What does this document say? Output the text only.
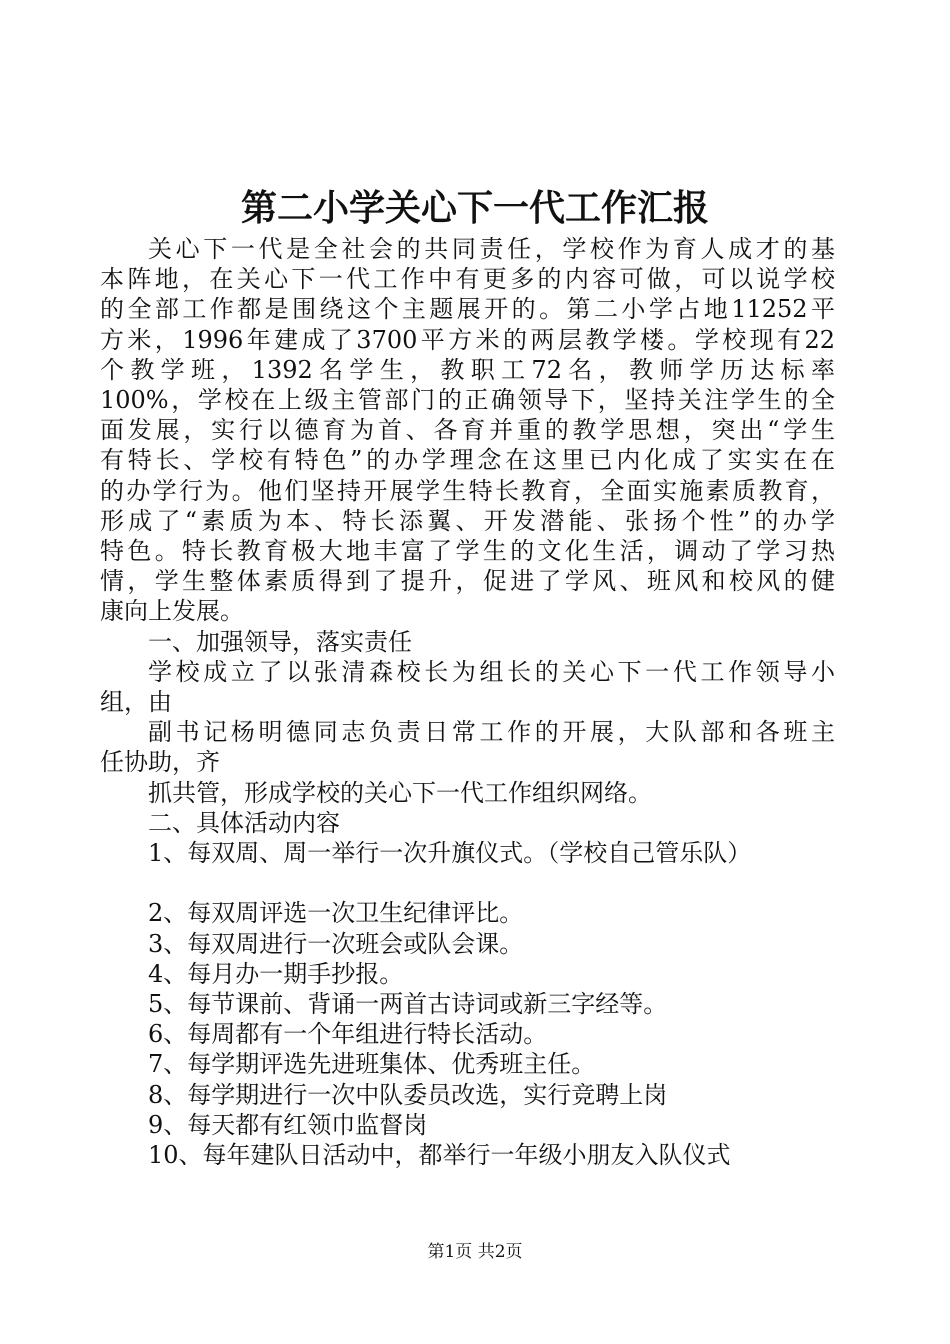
第二小学关心下一代工作汇报
关心下一代是全社会的共同责任，学校作为育人成才的基
本阵地，在关心下一代工作中有更多的内容可做，可以说学校
的全部工作都是围绕这个主题展开的。第二小学占地11252平
方米，1996年建成了3700平方米的两层教学楼。学校现有22
个教学班，1392名学生，教职工72名，教师学历达标率
100%，学校在上级主管部门的正确领导下，坚持关注学生的全
面发展，实行以德育为首、各育并重的教学思想，突出“学生
有特长、学校有特色”的办学理念在这里已内化成了实实在在
的办学行为。他们坚持开展学生特长教育，全面实施素质教育，
形成了“素质为本、特长添翼、开发潜能、张扬个性”的办学
特色。特长教育极大地丰富了学生的文化生活，调动了学习热
情，学生整体素质得到了提升，促进了学风、班风和校风的健
康向上发展。
一、加强领导，落实责任
学校成立了以张清森校长为组长的关心下一代工作领导小
组，由
副书记杨明德同志负责日常工作的开展，大队部和各班主
任协助，齐
抓共管，形成学校的关心下一代工作组织网络。
二、具体活动内容
1、每双周、周一举行一次升旗仪式。（学校自己管乐队）
2、每双周评选一次卫生纪律评比。
3、每双周进行一次班会或队会课。
4、每月办一期手抄报。
5、每节课前、背诵一两首古诗词或新三字经等。
6、每周都有一个年组进行特长活动。
7、每学期评选先进班集体、优秀班主任。
8、每学期进行一次中队委员改选，实行竞聘上岗
9、每天都有红领巾监督岗
10、每年建队日活动中，都举行一年级小朋友入队仪式
第1页 共2页
